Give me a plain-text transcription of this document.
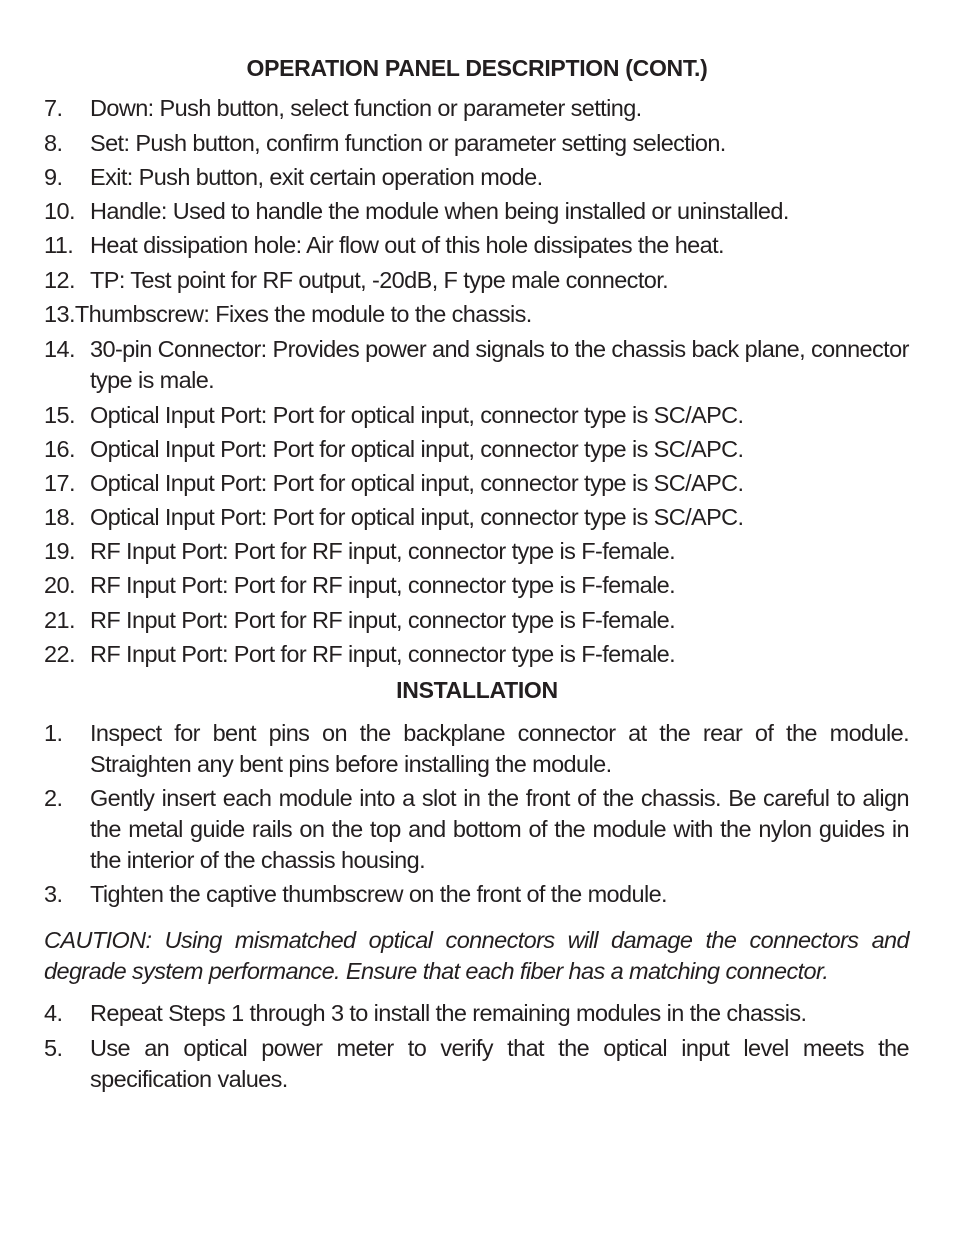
OPERATION PANEL DESCRIPTION (CONT.)
7. Down: Push button, select function or parameter setting.
8. Set: Push button, confirm function or parameter setting selection.
9. Exit: Push button, exit certain operation mode.
10. Handle: Used to handle the module when being installed or uninstalled.
11. Heat dissipation hole: Air flow out of this hole dissipates the heat.
12. TP: Test point for RF output, -20dB, F type male connector.
13.Thumbscrew: Fixes the module to the chassis.
14. 30-pin Connector: Provides power and signals to the chassis back plane, connector type is male.
15. Optical Input Port: Port for optical input, connector type is SC/APC.
16. Optical Input Port: Port for optical input, connector type is SC/APC.
17. Optical Input Port: Port for optical input, connector type is SC/APC.
18. Optical Input Port: Port for optical input, connector type is SC/APC.
19. RF Input Port: Port for RF input, connector type is F-female.
20. RF Input Port: Port for RF input, connector type is F-female.
21. RF Input Port: Port for RF input, connector type is F-female.
22. RF Input Port: Port for RF input, connector type is F-female.
INSTALLATION
1. Inspect for bent pins on the backplane connector at the rear of the module. Straighten any bent pins before installing the module.
2. Gently insert each module into a slot in the front of the chassis. Be careful to align the metal guide rails on the top and bottom of the module with the nylon guides in the interior of the chassis housing.
3. Tighten the captive thumbscrew on the front of the module.
CAUTION: Using mismatched optical connectors will damage the connectors and degrade system performance. Ensure that each fiber has a matching connector.
4. Repeat Steps 1 through 3 to install the remaining modules in the chassis.
5. Use an optical power meter to verify that the optical input level meets the specification values.
